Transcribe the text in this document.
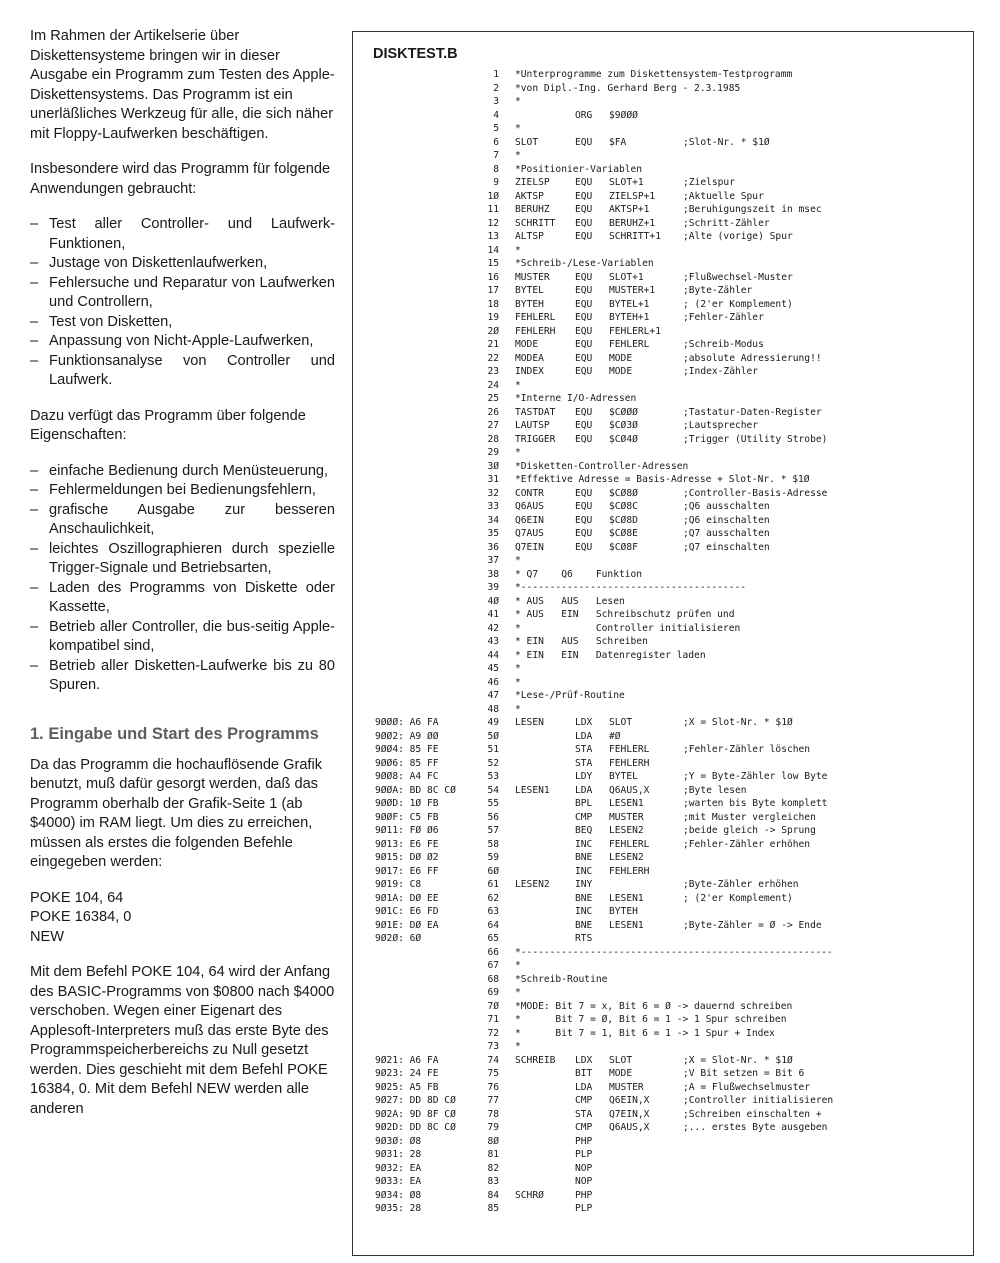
Im Rahmen der Artikelserie über Diskettensysteme bringen wir in dieser Ausgabe ein Programm zum Testen des Apple-Diskettensystems. Das Programm ist ein unerläßliches Werkzeug für alle, die sich näher mit Floppy-Laufwerken beschäftigen.

Insbesondere wird das Programm für folgende Anwendungen gebraucht:

– Test aller Controller- und Laufwerk-Funktionen,
– Justage von Diskettenlaufwerken,
– Fehlersuche und Reparatur von Laufwerken und Controllern,
– Test von Disketten,
– Anpassung von Nicht-Apple-Laufwerken,
– Funktionsanalyse von Controller und Laufwerk.

Dazu verfügt das Programm über folgende Eigenschaften:

– einfache Bedienung durch Menüsteuerung,
– Fehlermeldungen bei Bedienungsfehlern,
– grafische Ausgabe zur besseren Anschaulichkeit,
– leichtes Oszillographieren durch spezielle Trigger-Signale und Betriebsarten,
– Laden des Programms von Diskette oder Kassette,
– Betrieb aller Controller, die bus-seitig Apple-kompatibel sind,
– Betrieb aller Disketten-Laufwerke bis zu 80 Spuren.
1. Eingabe und Start des Programms

Da das Programm die hochauflösende Grafik benutzt, muß dafür gesorgt werden, daß das Programm oberhalb der Grafik-Seite 1 (ab $4000) im RAM liegt. Um dies zu erreichen, müssen als erstes die folgenden Befehle eingegeben werden:

POKE 104, 64
POKE 16384, 0
NEW

Mit dem Befehl POKE 104, 64 wird der Anfang des BASIC-Programms von $0800 nach $4000 verschoben. Wegen einer Eigenart des Applesoft-Interpreters muß das erste Byte des Programmspeicherbereichs zu Null gesetzt werden. Dies geschieht mit dem Befehl POKE 16384, 0. Mit dem Befehl NEW werden alle anderen

DISKTEST.B
1 *Unterprogramme zum Diskettensystem-Testprogramm
2 *von Dipl.-Ing. Gerhard Berg - 2.3.1985
3 *
4	ORG $9ØØØ
5 *
6 SLOT	EQU $FA	;Slot-Nr. * $1Ø
7 *
8 *Positionier-Variablen
9 ZIELSP	EQU SLOT+1	;Zielspur
1Ø AKTSP	EQU ZIELSP+1	;Aktuelle Spur
11 BERUHZ	EQU AKTSP+1	;Beruhigungszeit in msec
12 SCHRITT EQU BERUHZ+1	;Schritt-Zähler
13 ALTSP	EQU SCHRITT+1 ;Alte (vorige) Spur
14 *
15 *Schreib-/Lese-Variablen
16 MUSTER	EQU SLOT+1	;Flußwechsel-Muster
17 BYTEL	EQU MUSTER+1	;Byte-Zähler
18 BYTEH	EQU BYTEL+1	; (2'er Komplement)
19 FEHLERL EQU BYTEH+1	;Fehler-Zähler
2Ø FEHLERH EQU FEHLERL+1
21 MODE	EQU FEHLERL	;Schreib-Modus
22 MODEA	EQU MODE	;absolute Adressierung!!
23 INDEX	EQU MODE	;Index-Zähler
24 *
25 *Interne I/O-Adressen
26 TASTDAT EQU $CØØØ	;Tastatur-Daten-Register
27 LAUTSP	EQU $CØ3Ø	;Lautsprecher
28 TRIGGER EQU $CØ4Ø	;Trigger (Utility Strobe)
29 *
3Ø *Disketten-Controller-Adressen
31 *Effektive Adresse = Basis-Adresse + Slot-Nr. * $1Ø
32 CONTR	EQU $CØ8Ø	;Controller-Basis-Adresse
33 Q6AUS	EQU $CØ8C	;Q6 ausschalten
34 Q6EIN	EQU $CØ8D	;Q6 einschalten
35 Q7AUS	EQU $CØ8E	;Q7 ausschalten
36 Q7EIN	EQU $CØ8F	;Q7 einschalten
37 *
38 * Q7    Q6    Funktion
39 *---------------------------------------
4Ø * AUS   AUS   Lesen
41 * AUS   EIN   Schreibschutz prüfen und
42 *             Controller initialisieren
43 * EIN   AUS   Schreiben
44 * EIN   EIN   Datenregister laden
45 *
46 *
47 *Lese-/Prüf-Routine
48 *
9ØØØ: A6 FA	49 LESEN	LDX SLOT	;X = Slot-Nr. * $1Ø
9ØØ2: A9 ØØ	5Ø	LDA #Ø
9ØØ4: 85 FE	51	STA FEHLERL	;Fehler-Zähler löschen
9ØØ6: 85 FF	52	STA FEHLERH
9ØØ8: A4 FC	53	LDY BYTEL	;Y = Byte-Zähler low Byte
9ØØA: BD 8C CØ	54 LESEN1	LDA Q6AUS,X	;Byte lesen
9ØØD: 1Ø FB	55	BPL LESEN1	;warten bis Byte komplett
9ØØF: C5 FB	56	CMP MUSTER	;mit Muster vergleichen
9Ø11: FØ Ø6	57	BEQ LESEN2	;beide gleich -> Sprung
9Ø13: E6 FE	58	INC FEHLERL	;Fehler-Zähler erhöhen
9Ø15: DØ Ø2	59	BNE LESEN2
9Ø17: E6 FF	6Ø	INC FEHLERH
9Ø19: C8	61 LESEN2	INY	;Byte-Zähler erhöhen
9Ø1A: DØ EE	62	BNE LESEN1	; (2'er Komplement)
9Ø1C: E6 FD	63	INC BYTEH
9Ø1E: DØ EA	64	BNE LESEN1	;Byte-Zähler = Ø -> Ende
9Ø2Ø: 6Ø	65	RTS
66 *------------------------------------------------------
67 *
68 *Schreib-Routine
69 *
7Ø *MODE: Bit 7 = x, Bit 6 = Ø -> dauernd schreiben
71 *      Bit 7 = Ø, Bit 6 = 1 -> 1 Spur schreiben
72 *      Bit 7 = 1, Bit 6 = 1 -> 1 Spur + Index
73 *
9Ø21: A6 FA	74 SCHREIB LDX SLOT	;X = Slot-Nr. * $1Ø
9Ø23: 24 FE	75	BIT MODE	;V Bit setzen = Bit 6
9Ø25: A5 FB	76	LDA MUSTER	;A = Flußwechselmuster
9Ø27: DD 8D CØ	77	CMP Q6EIN,X	;Controller initialisieren
9Ø2A: 9D 8F CØ	78	STA Q7EIN,X	;Schreiben einschalten +
9Ø2D: DD 8C CØ	79	CMP Q6AUS,X	;... erstes Byte ausgeben
9Ø3Ø: Ø8	8Ø	PHP
9Ø31: 28	81	PLP
9Ø32: EA	82	NOP
9Ø33: EA	83	NOP
9Ø34: Ø8	84 SCHRØ	PHP
9Ø35: 28	85	PLP
